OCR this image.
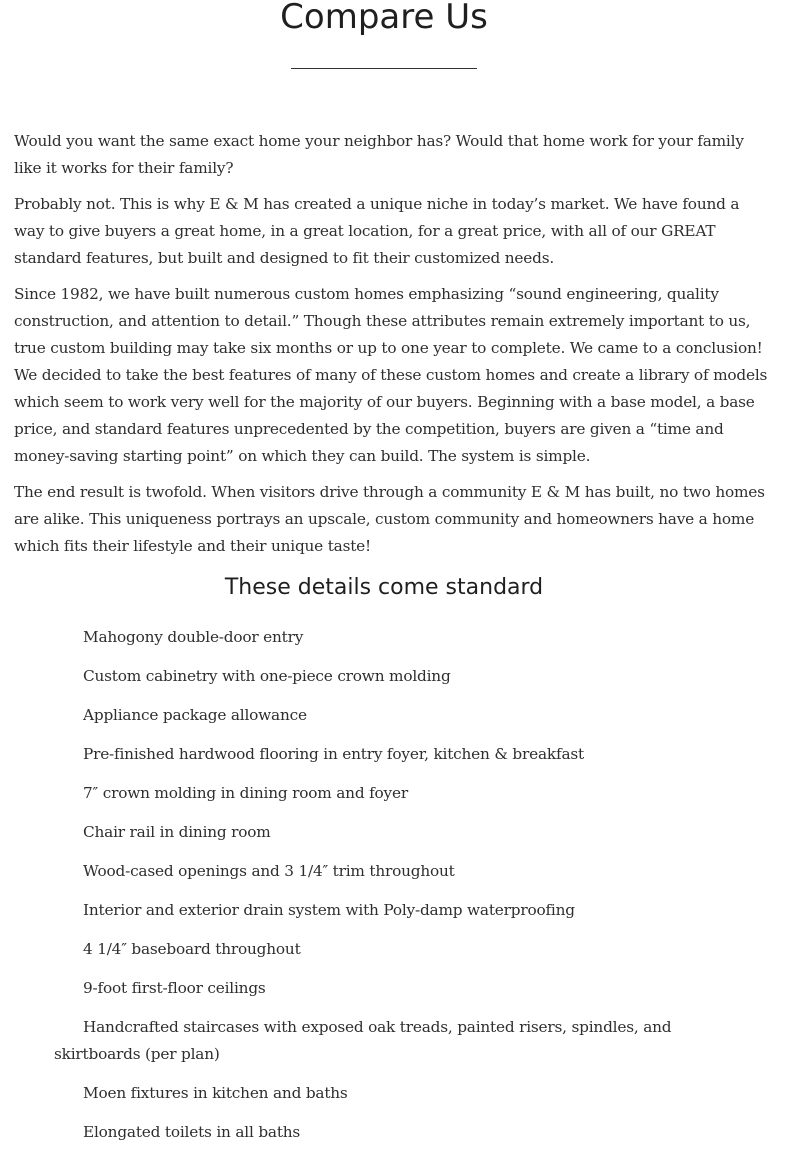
Compare Us

Would you want the same exact home your neighbor has? Would that home work for your family like it works for their family?

Probably not. This is why E & M has created a unique niche in today’s market. We have found a way to give buyers a great home, in a great location, for a great price, with all of our GREAT standard features, but built and designed to fit their customized needs.

Since 1982, we have built numerous custom homes emphasizing “sound engineering, quality construction, and attention to detail.” Though these attributes remain extremely important to us, true custom building may take six months or up to one year to complete. We came to a conclusion! We decided to take the best features of many of these custom homes and create a library of models which seem to work very well for the majority of our buyers. Beginning with a base model, a base price, and standard features unprecedented by the competition, buyers are given a “time and money-saving starting point” on which they can build. The system is simple.

The end result is twofold. When visitors drive through a community E & M has built, no two homes are alike. This uniqueness portrays an upscale, custom community and homeowners have a home which fits their lifestyle and their unique taste!

These details come standard
Mahogony double-door entry
Custom cabinetry with one-piece crown molding
Appliance package allowance
Pre-finished hardwood flooring in entry foyer, kitchen & breakfast
7″ crown molding in dining room and foyer
Chair rail in dining room
Wood-cased openings and 3 1/4″ trim throughout
Interior and exterior drain system with Poly-damp waterproofing
4 1/4″ baseboard throughout
9-foot first-floor ceilings
Handcrafted staircases with exposed oak treads, painted risers, spindles, and skirtboards (per plan)
Moen fixtures in kitchen and baths
Elongated toilets in all baths
